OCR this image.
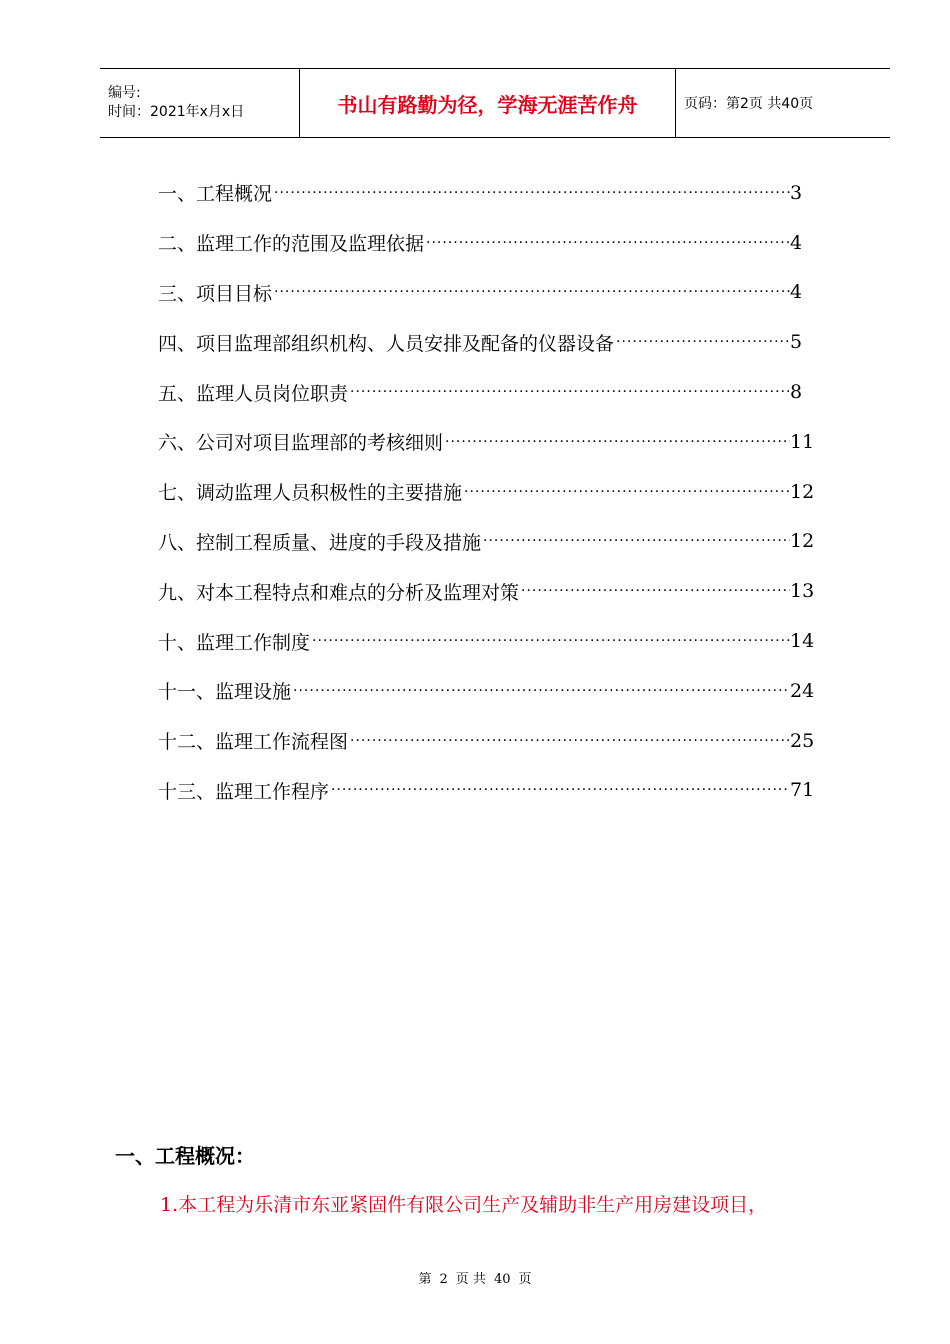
编号:
时间：2021年x月x日	书山有路勤为径，学海无涯苦作舟	页码：第2页 共40页
一、工程概况 ·····	3
二、监理工作的范围及监理依据 ·····	4
三、项目目标 ·····	4
四、项目监理部组织机构、人员安排及配备的仪器设备 ·····	5
五、监理人员岗位职责 ·····	8
六、公司对项目监理部的考核细则 ·····	11
七、调动监理人员积极性的主要措施 ·····	12
八、控制工程质量、进度的手段及措施 ·····	12
九、对本工程特点和难点的分析及监理对策 ·····	13
十、监理工作制度 ·····	14
十一、监理设施 ·····	24
十二、监理工作流程图 ·····	25
十三、监理工作程序 ·····	71
一、工程概况：
1.本工程为乐清市东亚紧固件有限公司生产及辅助非生产用房建设项目，
第 2 页 共 40 页
